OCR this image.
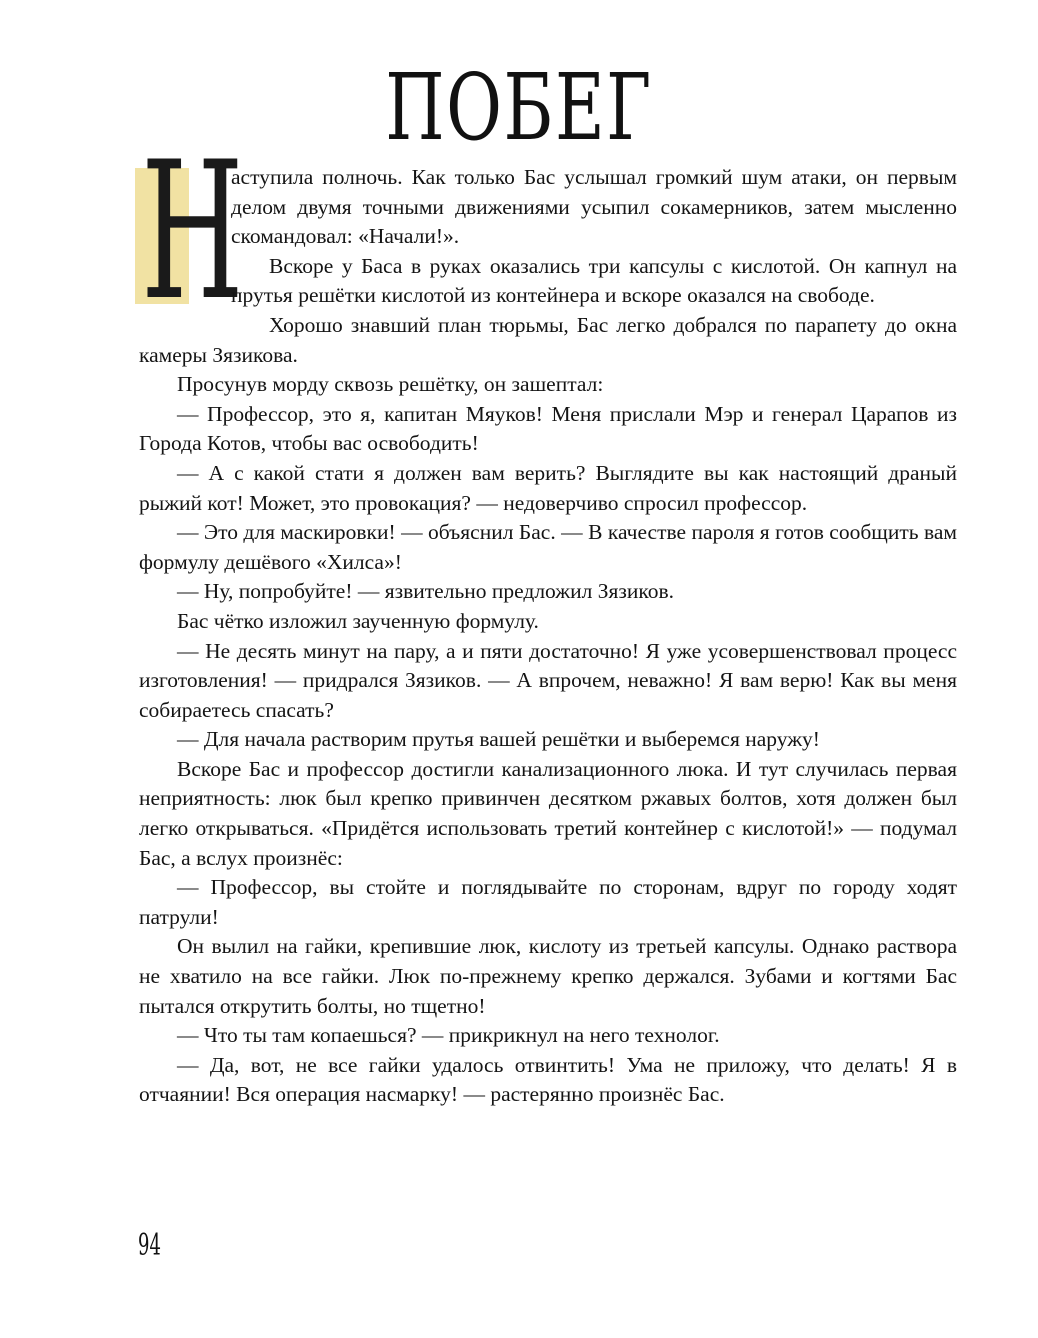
ПОБЕГ
Н

аступила полночь. Как только Бас услышал громкий шум атаки, он первым делом двумя точными движениями усыпил сокамерников, затем мысленно скомандовал: «Начали!».

Вскоре у Баса в руках оказались три капсулы с кислотой. Он капнул на прутья решётки кислотой из контейнера и вскоре оказался на свободе.

Хорошо знавший план тюрьмы, Бас легко добрался по парапету до окна камеры Зязикова.

Просунув морду сквозь решётку, он зашептал:

— Профессор, это я, капитан Мяуков! Меня прислали Мэр и генерал Царапов из Города Котов, чтобы вас освободить!

— А с какой стати я должен вам верить? Выглядите вы как настоящий драный рыжий кот! Может, это провокация? — недоверчиво спросил профессор.

— Это для маскировки! — объяснил Бас. — В качестве пароля я готов сообщить вам формулу дешёвого «Хилса»!

— Ну, попробуйте! — язвительно предложил Зязиков.

Бас чётко изложил заученную формулу.

— Не десять минут на пару, а и пяти достаточно! Я уже усовершенствовал процесс изготовления! — придрался Зязиков. — А впрочем, неважно! Я вам верю! Как вы меня собираетесь спасать?

— Для начала растворим прутья вашей решётки и выберемся наружу!

Вскоре Бас и профессор достигли канализационного люка. И тут случилась первая неприятность: люк был крепко привинчен десятком ржавых болтов, хотя должен был легко открываться. «Придётся использовать третий контейнер с кислотой!» — подумал Бас, а вслух произнёс:

— Профессор, вы стойте и поглядывайте по сторонам, вдруг по городу ходят патрули!

Он вылил на гайки, крепившие люк, кислоту из третьей капсулы. Однако раствора не хватило на все гайки. Люк по-прежнему крепко держался. Зубами и когтями Бас пытался открутить болты, но тщетно!

— Что ты там копаешься? — прикрикнул на него технолог.

— Да, вот, не все гайки удалось отвинтить! Ума не приложу, что делать! Я в отчаянии! Вся операция насмарку! — растерянно произнёс Бас.

94
